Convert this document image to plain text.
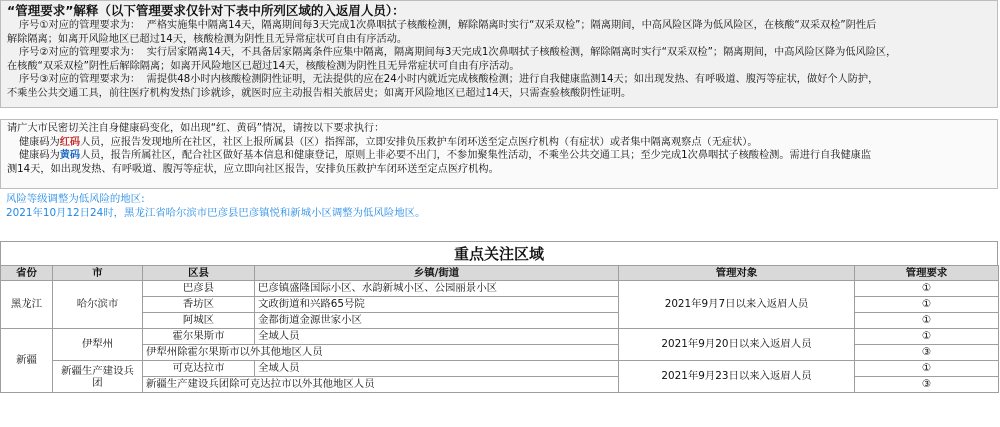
“管理要求”解释（以下管理要求仅针对下表中所列区域的入返眉人员）：

序号①对应的管理要求为：  严格实施集中隔离14天，隔离期间每3天完成1次鼻咽拭子核酸检测，解除隔离时实行“双采双检”；隔离期间，中高风险区降为低风险区，在核酸“双采双检”阴性后

解除隔离；如离开风险地区已超过14天，核酸检测为阴性且无异常症状可自由有序活动。

序号②对应的管理要求为：  实行居家隔离14天，不具备居家隔离条件应集中隔离，隔离期间每3天完成1次鼻咽拭子核酸检测，解除隔离时实行“双采双检”；隔离期间，中高风险区降为低风险区，

在核酸“双采双检”阴性后解除隔离；如离开风险地区已超过14天，核酸检测为阴性且无异常症状可自由有序活动。

序号③对应的管理要求为：  需提供48小时内核酸检测阴性证明，无法提供的应在24小时内就近完成核酸检测；进行自我健康监测14天；如出现发热、有呼吸道、腹泻等症状，做好个人防护，

不乘坐公共交通工具，前往医疗机构发热门诊就诊，就医时应主动报告相关旅居史；如离开风险地区已超过14天，只需查验核酸阴性证明。

请广大市民密切关注自身健康码变化，如出现“红、黄码”情况，请按以下要求执行：

健康码为红码人员，应报告发现地所在社区，社区上报所属县（区）指挥部，立即安排负压救护车闭环送至定点医疗机构（有症状）或者集中隔离观察点（无症状）。

健康码为黄码人员，报告所属社区，配合社区做好基本信息和健康登记，原则上非必要不出门，不参加聚集性活动，不乘坐公共交通工具；至少完成1次鼻咽拭子核酸检测。需进行自我健康监

测14天，如出现发热、有呼吸道、腹泻等症状，应立即向社区报告，安排负压救护车闭环送至定点医疗机构。

风险等级调整为低风险的地区:
2021年10月12日24时，黑龙江省哈尔滨市巴彦县巴彦镇悦和新城小区调整为低风险地区。
重点关注区域
省份	市	区县	乡镇/街道	管理对象	管理要求
黑龙江	哈尔滨市	巴彦县	巴彦镇盛隆国际小区、水韵新城小区、公园丽景小区	2021年9月7日以来入返眉人员	①

		香坊区	文政街道和兴路65号院		①
		阿城区	金都街道金源世家小区		①
新疆	伊犁州	霍尔果斯市	全域人员	2021年9月20日以来入返眉人员	①
		伊犁州除霍尔果斯市以外其他地区人员			③
	新疆生产建设兵团	可克达拉市	全域人员	2021年9月23日以来入返眉人员	①
		新疆生产建设兵团除可克达拉市以外其他地区人员			③
